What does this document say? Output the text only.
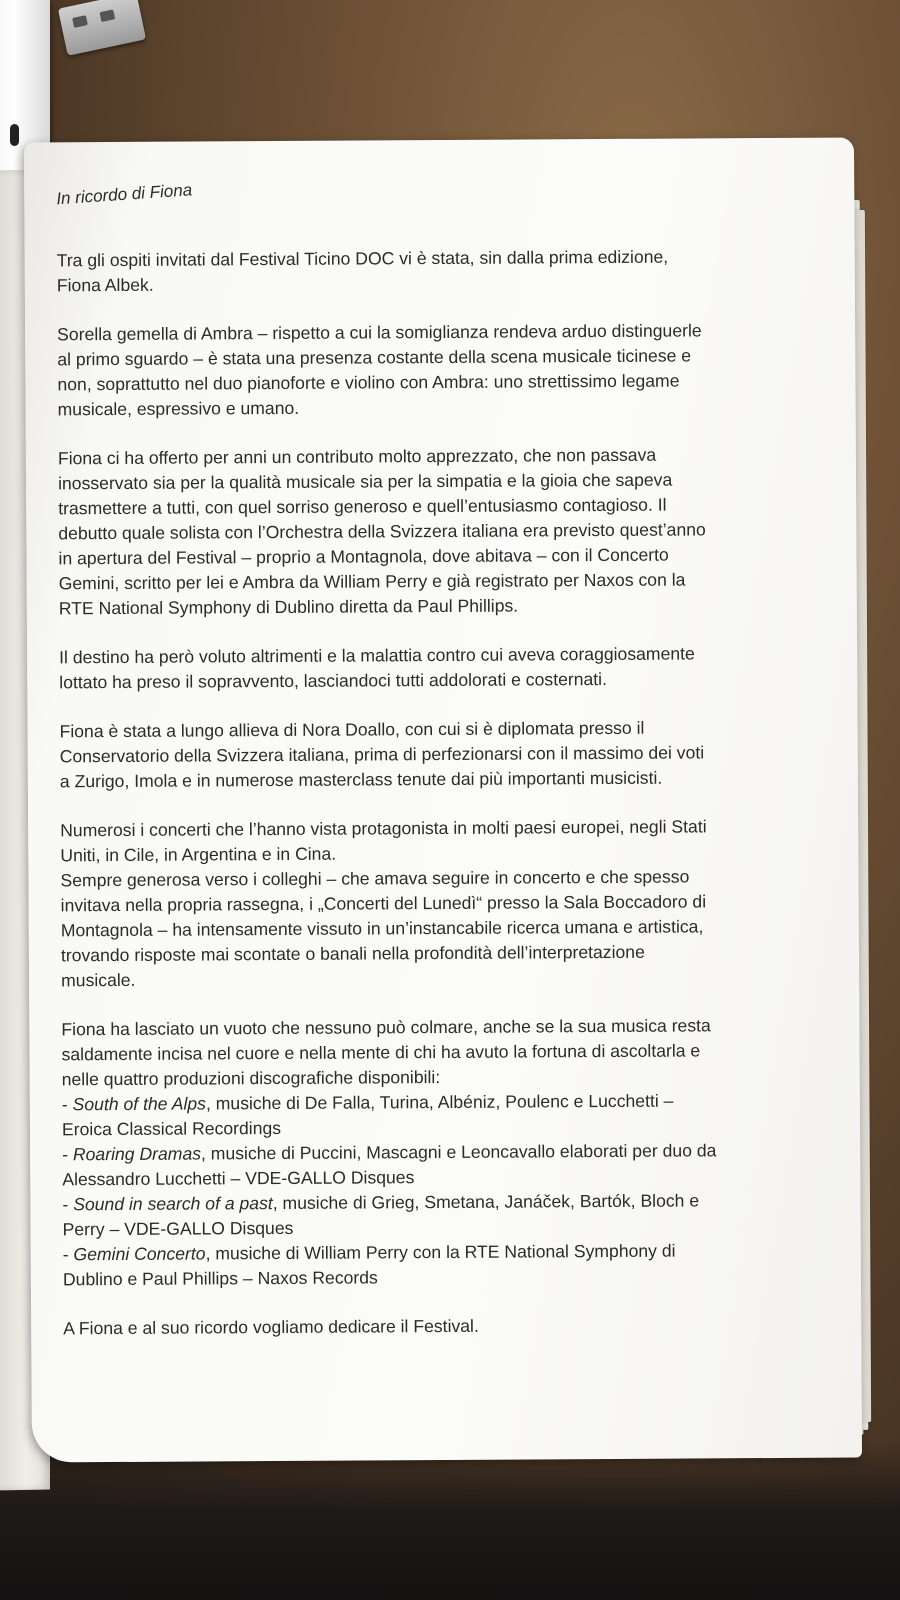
In ricordo di Fiona
Tra gli ospiti invitati dal Festival Ticino DOC vi è stata, sin dalla prima edizione,
Fiona Albek.
Sorella gemella di Ambra – rispetto a cui la somiglianza rendeva arduo distinguerle
al primo sguardo – è stata una presenza costante della scena musicale ticinese e
non, soprattutto nel duo pianoforte e violino con Ambra: uno strettissimo legame
musicale, espressivo e umano.
Fiona ci ha offerto per anni un contributo molto apprezzato, che non passava
inosservato sia per la qualità musicale sia per la simpatia e la gioia che sapeva
trasmettere a tutti, con quel sorriso generoso e quell’entusiasmo contagioso. Il
debutto quale solista con l’Orchestra della Svizzera italiana era previsto quest’anno
in apertura del Festival – proprio a Montagnola, dove abitava – con il Concerto
Gemini, scritto per lei e Ambra da William Perry e già registrato per Naxos con la
RTE National Symphony di Dublino diretta da Paul Phillips.
Il destino ha però voluto altrimenti e la malattia contro cui aveva coraggiosamente
lottato ha preso il sopravvento, lasciandoci tutti addolorati e costernati.
Fiona è stata a lungo allieva di Nora Doallo, con cui si è diplomata presso il
Conservatorio della Svizzera italiana, prima di perfezionarsi con il massimo dei voti
a Zurigo, Imola e in numerose masterclass tenute dai più importanti musicisti.
Numerosi i concerti che l’hanno vista protagonista in molti paesi europei, negli Stati
Uniti, in Cile, in Argentina e in Cina.
Sempre generosa verso i colleghi – che amava seguire in concerto e che spesso
invitava nella propria rassegna, i „Concerti del Lunedì“ presso la Sala Boccadoro di
Montagnola – ha intensamente vissuto in un’instancabile ricerca umana e artistica,
trovando risposte mai scontate o banali nella profondità dell’interpretazione
musicale.
Fiona ha lasciato un vuoto che nessuno può colmare, anche se la sua musica resta
saldamente incisa nel cuore e nella mente di chi ha avuto la fortuna di ascoltarla e
nelle quattro produzioni discografiche disponibili:
- South of the Alps, musiche di De Falla, Turina, Albéniz, Poulenc e Lucchetti –
Eroica Classical Recordings
- Roaring Dramas, musiche di Puccini, Mascagni e Leoncavallo elaborati per duo da
Alessandro Lucchetti – VDE-GALLO Disques
- Sound in search of a past, musiche di Grieg, Smetana, Janáček, Bartók, Bloch e
Perry – VDE-GALLO Disques
- Gemini Concerto, musiche di William Perry con la RTE National Symphony di
Dublino e Paul Phillips – Naxos Records
A Fiona e al suo ricordo vogliamo dedicare il Festival.
